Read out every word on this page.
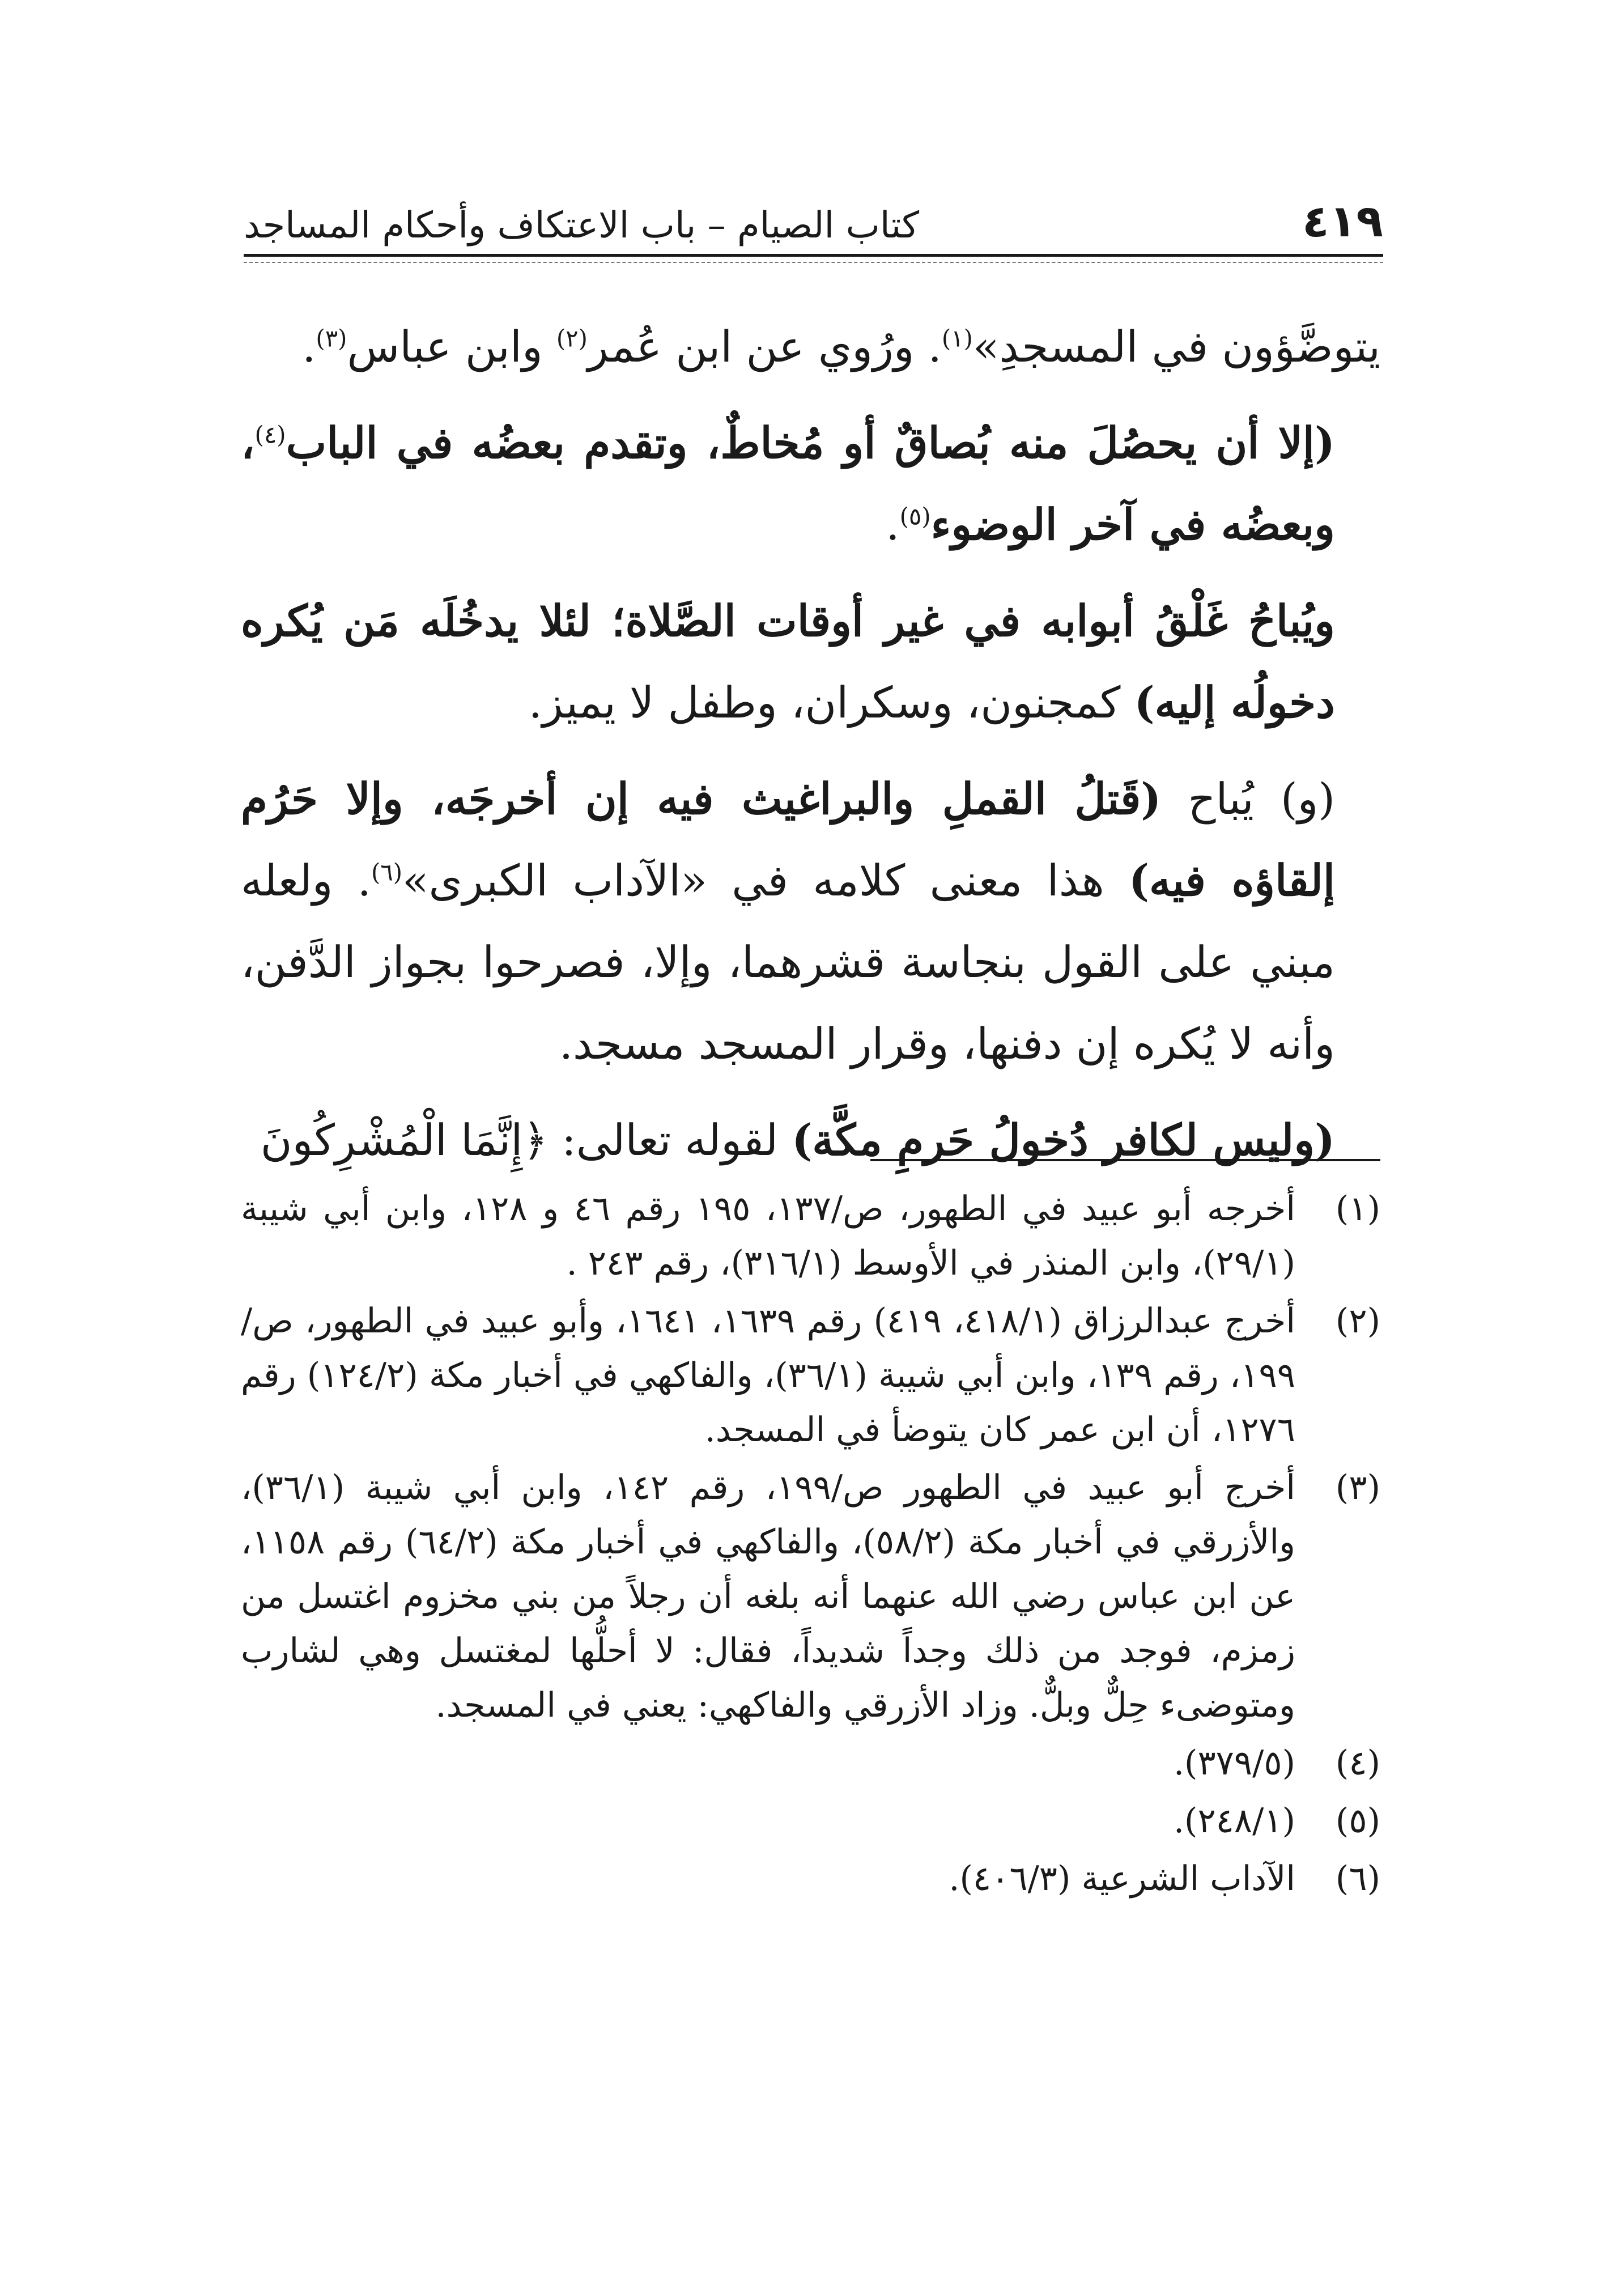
٤١٩
كتاب الصيام – باب الاعتكاف وأحكام المساجد

يتوضَّؤون في المسجدِ»$^{(١)}$. ورُوي عن ابن عُمر$^{(٢)}$ وابن عباس$^{(٣)}$.

(إلا أن يحصُلَ منه بُصاقٌ أو مُخاطٌ، وتقدم بعضُه في الباب$^{(٤)}$، وبعضُه في آخر الوضوء$^{(٥)}$.

ويُباحُ غَلْقُ أبوابه في غير أوقات الصَّلاة؛ لئلا يدخُلَه مَن يُكره دخولُه إليه) كمجنون، وسكران، وطفل لا يميز.

(و) يُباح (قَتلُ القملِ والبراغيث فيه إن أخرجَه، وإلا حَرُم إلقاؤه فيه) هذا معنى كلامه في «الآداب الكبرى»$^{(٦)}$. ولعله مبني على القول بنجاسة قشرهما، وإلا، فصرحوا بجواز الدَّفن، وأنه لا يُكره إن دفنها، وقرار المسجد مسجد.

(وليس لكافر دُخولُ حَرمِ مكَّة) لقوله تعالى: ﴿إِنَّمَا الْمُشْرِكُونَ

(١)
أخرجه أبو عبيد في الطهور، ص/١٣٧، ١٩٥ رقم ٤٦ و ١٢٨، وابن أبي شيبة (٢٩/١)، وابن المنذر في الأوسط (٣١٦/١)، رقم ٢٤٣ .
(٢)
أخرج عبدالرزاق (٤١٨/١، ٤١٩) رقم ١٦٣٩، ١٦٤١، وأبو عبيد في الطهور، ص/١٩٩، رقم ١٣٩، وابن أبي شيبة (٣٦/١)، والفاكهي في أخبار مكة (١٢٤/٢) رقم ١٢٧٦، أن ابن عمر كان يتوضأ في المسجد.
(٣)
أخرج أبو عبيد في الطهور ص/١٩٩، رقم ١٤٢، وابن أبي شيبة (٣٦/١)، والأزرقي في أخبار مكة (٥٨/٢)، والفاكهي في أخبار مكة (٦٤/٢) رقم ١١٥٨، عن ابن عباس رضي الله عنهما أنه بلغه أن رجلاً من بني مخزوم اغتسل من زمزم، فوجد من ذلك وجداً شديداً، فقال: لا أحلُّها لمغتسل وهي لشارب ومتوضىء حِلٌّ وبلٌّ. وزاد الأزرقي والفاكهي: يعني في المسجد.
(٤)
(٣٧٩/٥).
(٥)
(٢٤٨/١).
(٦)
الآداب الشرعية (٤٠٦/٣).
